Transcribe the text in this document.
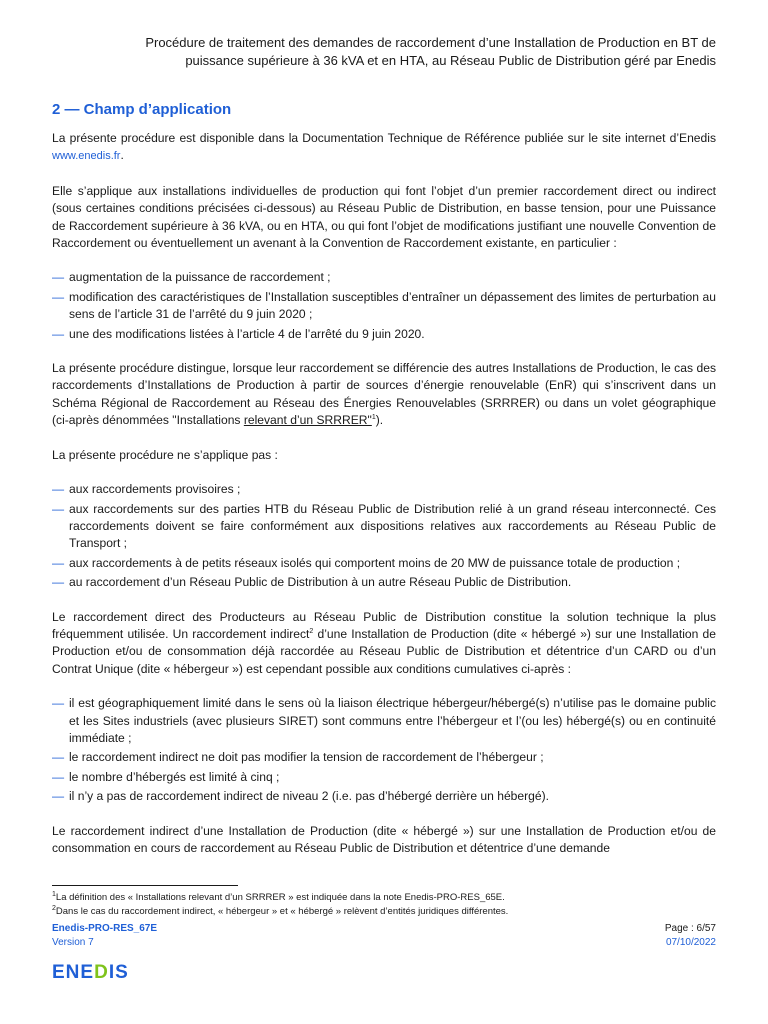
Procédure de traitement des demandes de raccordement d’une Installation de Production en BT de
puissance supérieure à 36 kVA et en HTA, au Réseau Public de Distribution géré par Enedis
2 — Champ d’application

La présente procédure est disponible dans la Documentation Technique de Référence publiée sur le site internet d’Enedis www.enedis.fr.

Elle s’applique aux installations individuelles de production qui font l’objet d’un premier raccordement direct ou indirect (sous certaines conditions précisées ci-dessous) au Réseau Public de Distribution, en basse tension, pour une Puissance de Raccordement supérieure à 36 kVA, ou en HTA, ou qui font l’objet de modifications justifiant une nouvelle Convention de Raccordement ou éventuellement un avenant à la Convention de Raccordement existante, en particulier :

— augmentation de la puissance de raccordement ;
— modification des caractéristiques de l’Installation susceptibles d’entraîner un dépassement des limites de perturbation au sens de l’article 31 de l’arrêté du 9 juin 2020 ;
— une des modifications listées à l’article 4 de l’arrêté du 9 juin 2020.

La présente procédure distingue, lorsque leur raccordement se différencie des autres Installations de Production, le cas des raccordements d’Installations de Production à partir de sources d’énergie renouvelable (EnR) qui s’inscrivent dans un Schéma Régional de Raccordement au Réseau des Énergies Renouvelables (SRRRER) ou dans un volet géographique (ci-après dénommées "Installations relevant d’un SRRRER"$^1$).

La présente procédure ne s’applique pas :

— aux raccordements provisoires ;
— aux raccordements sur des parties HTB du Réseau Public de Distribution relié à un grand réseau interconnecté. Ces raccordements doivent se faire conformément aux dispositions relatives aux raccordements au Réseau Public de Transport ;
— aux raccordements à de petits réseaux isolés qui comportent moins de 20 MW de puissance totale de production ;
— au raccordement d’un Réseau Public de Distribution à un autre Réseau Public de Distribution.

Le raccordement direct des Producteurs au Réseau Public de Distribution constitue la solution technique la plus fréquemment utilisée. Un raccordement indirect$^2$ d’une Installation de Production (dite « hébergé ») sur une Installation de Production et/ou de consommation déjà raccordée au Réseau Public de Distribution et détentrice d’un CARD ou d’un Contrat Unique (dite « hébergeur ») est cependant possible aux conditions cumulatives ci-après :

— il est géographiquement limité dans le sens où la liaison électrique hébergeur/hébergé(s) n’utilise pas le domaine public et les Sites industriels (avec plusieurs SIRET) sont communs entre l’hébergeur et l’(ou les) hébergé(s) ou en continuité immédiate ;
— le raccordement indirect ne doit pas modifier la tension de raccordement de l’hébergeur ;
— le nombre d’hébergés est limité à cinq ;
— il n’y a pas de raccordement indirect de niveau 2 (i.e. pas d’hébergé derrière un hébergé).

Le raccordement indirect d’une Installation de Production (dite « hébergé ») sur une Installation de Production et/ou de consommation en cours de raccordement au Réseau Public de Distribution et détentrice d’une demande

$^1$La définition des « Installations relevant d’un SRRRER » est indiquée dans la note Enedis-PRO-RES_65E.
$^2$Dans le cas du raccordement indirect, « hébergeur » et « hébergé » relèvent d’entités juridiques différentes.
Enedis-PRO-RES_67E
Version 7
Page : 6/57
07/10/2022
ENEDIS
